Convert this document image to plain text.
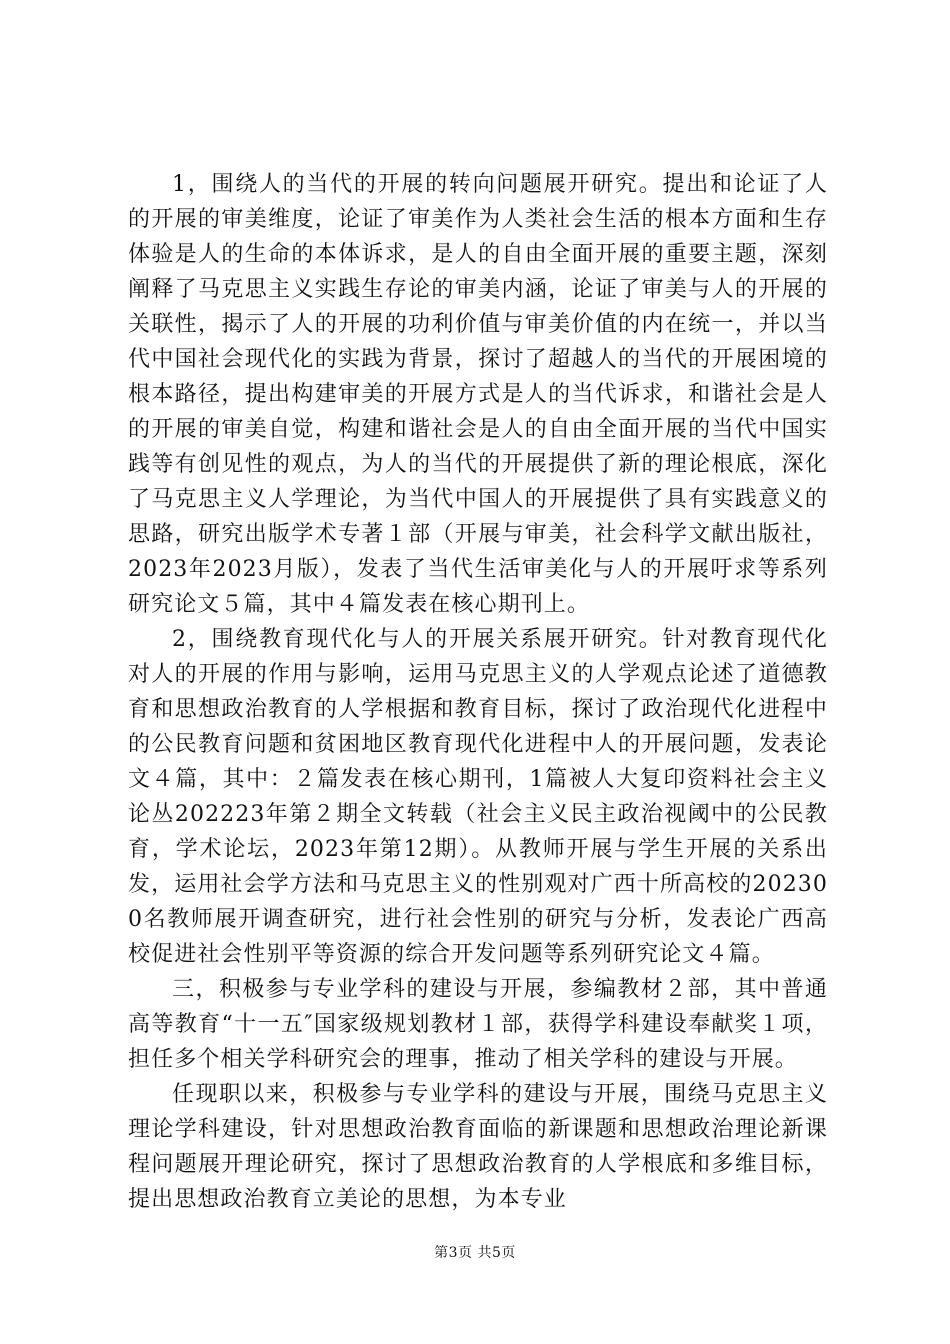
1，围绕人的当代的开展的转向问题展开研究。提出和论证了人的开展的审美维度，论证了审美作为人类社会生活的根本方面和生存体验是人的生命的本体诉求，是人的自由全面开展的重要主题，深刻阐释了马克思主义实践生存论的审美内涵，论证了审美与人的开展的关联性，揭示了人的开展的功利价值与审美价值的内在统一，并以当代中国社会现代化的实践为背景，探讨了超越人的当代的开展困境的根本路径，提出构建审美的开展方式是人的当代诉求，和谐社会是人的开展的审美自觉，构建和谐社会是人的自由全面开展的当代中国实践等有创见性的观点，为人的当代的开展提供了新的理论根底，深化了马克思主义人学理论，为当代中国人的开展提供了具有实践意义的思路，研究出版学术专著１部（开展与审美，社会科学文献出版社，2023年2023月版），发表了当代生活审美化与人的开展吁求等系列研究论文５篇，其中４篇发表在核心期刊上。

2，围绕教育现代化与人的开展关系展开研究。针对教育现代化对人的开展的作用与影响，运用马克思主义的人学观点论述了道德教育和思想政治教育的人学根据和教育目标，探讨了政治现代化进程中的公民教育问题和贫困地区教育现代化进程中人的开展问题，发表论文４篇，其中：２篇发表在核心期刊，1篇被人大复印资料社会主义论丛202223年第２期全文转载（社会主义民主政治视阈中的公民教育，学术论坛，2023年第12期）。从教师开展与学生开展的关系出发，运用社会学方法和马克思主义的性别观对广西十所高校的202300名教师展开调查研究，进行社会性别的研究与分析，发表论广西高校促进社会性别平等资源的综合开发问题等系列研究论文４篇。

三，积极参与专业学科的建设与开展，参编教材２部，其中普通高等教育“十一五″国家级规划教材１部，获得学科建设奉献奖１项，担任多个相关学科研究会的理事，推动了相关学科的建设与开展。

任现职以来，积极参与专业学科的建设与开展，围绕马克思主义理论学科建设，针对思想政治教育面临的新课题和思想政治理论新课程问题展开理论研究，探讨了思想政治教育的人学根底和多维目标，提出思想政治教育立美论的思想，为本专业

第3页 共5页
